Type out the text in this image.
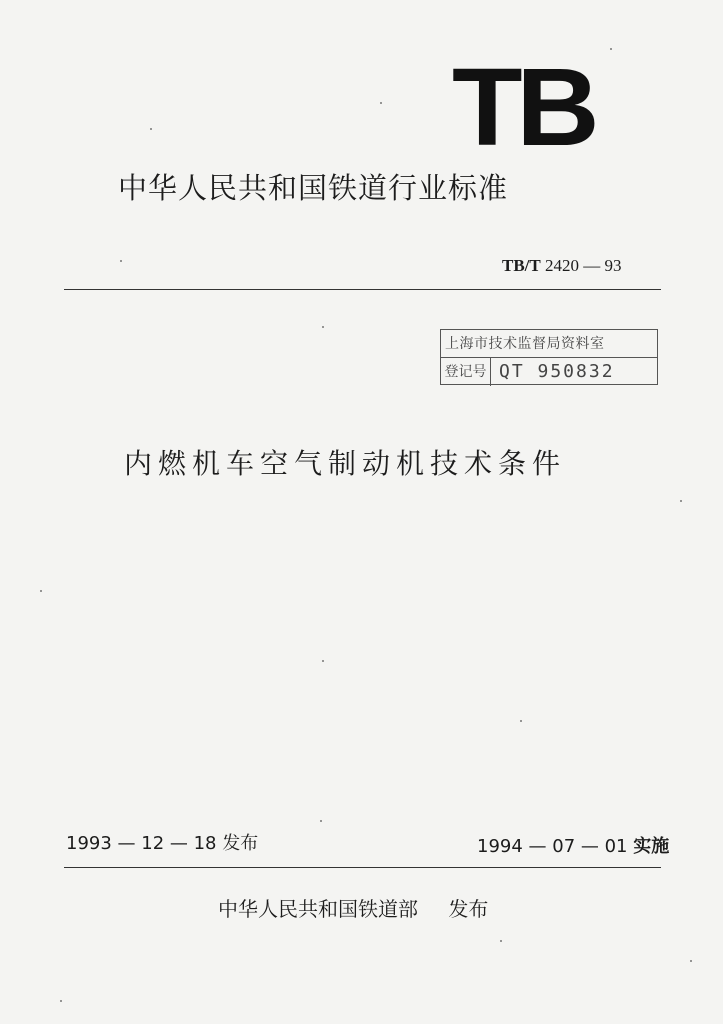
TB
中华人民共和国铁道行业标准
TB/T 2420 — 93
上海市技术监督局资料室
登记号 QT 950832
内燃机车空气制动机技术条件
1993 — 12 — 18 发布	1994 — 07 — 01 实施
中华人民共和国铁道部 发布
